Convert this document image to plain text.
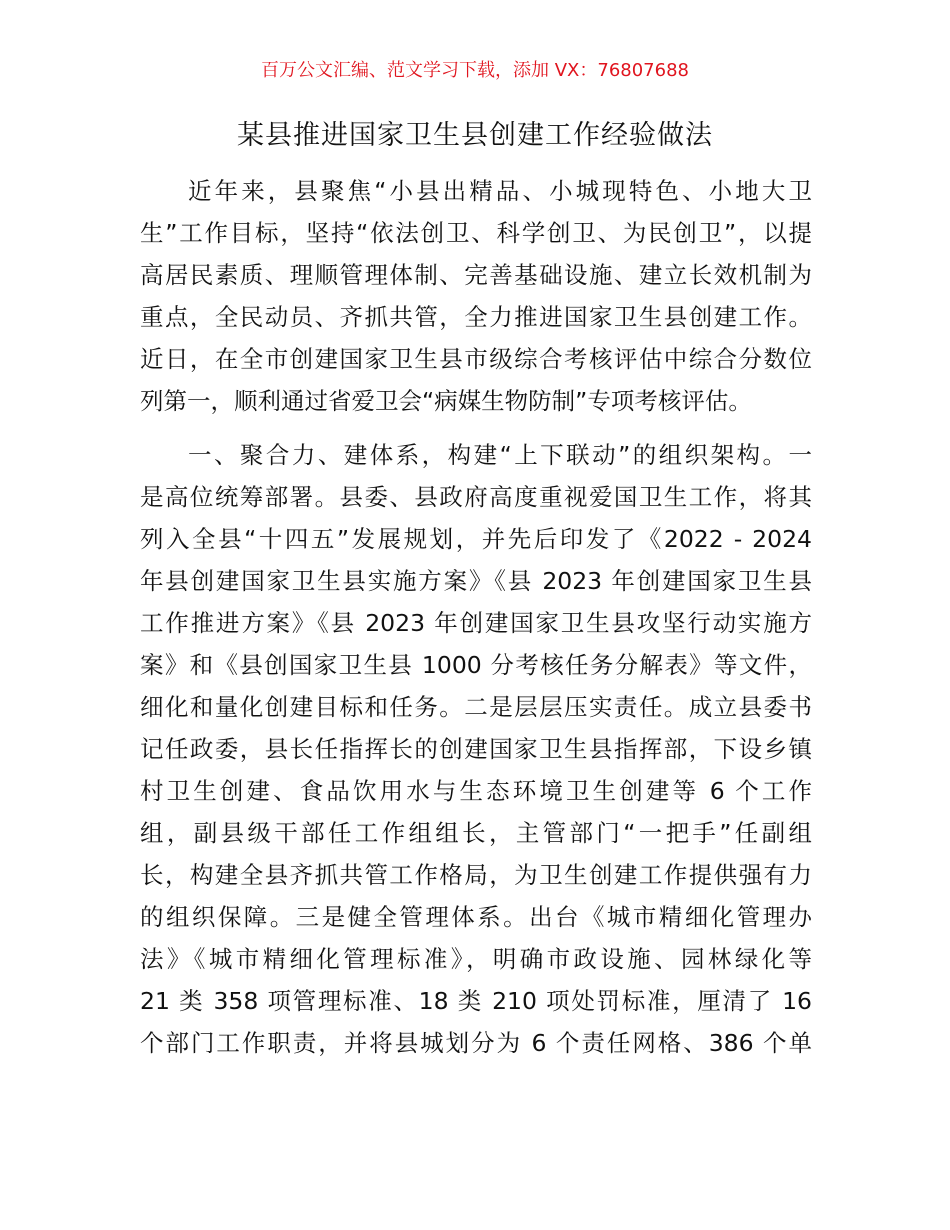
百万公文汇编、范文学习下载，添加 VX：76807688
某县推进国家卫生县创建工作经验做法
近年来，县聚焦“小县出精品、小城现特色、小地大卫
生”工作目标，坚持“依法创卫、科学创卫、为民创卫”，以提
高居民素质、理顺管理体制、完善基础设施、建立长效机制为
重点，全民动员、齐抓共管，全力推进国家卫生县创建工作。
近日，在全市创建国家卫生县市级综合考核评估中综合分数位
列第一，顺利通过省爱卫会“病媒生物防制”专项考核评估。
一、聚合力、建体系，构建“上下联动”的组织架构。一
是高位统筹部署。县委、县政府高度重视爱国卫生工作，将其
列入全县“十四五”发展规划，并先后印发了《2022 - 2024
年县创建国家卫生县实施方案》《县 2023 年创建国家卫生县
工作推进方案》《县 2023 年创建国家卫生县攻坚行动实施方
案》和《县创国家卫生县 1000 分考核任务分解表》等文件，
细化和量化创建目标和任务。二是层层压实责任。成立县委书
记任政委，县长任指挥长的创建国家卫生县指挥部，下设乡镇
村卫生创建、食品饮用水与生态环境卫生创建等 6 个工作
组，副县级干部任工作组组长，主管部门“一把手”任副组
长，构建全县齐抓共管工作格局，为卫生创建工作提供强有力
的组织保障。三是健全管理体系。出台《城市精细化管理办
法》《城市精细化管理标准》，明确市政设施、园林绿化等
21 类 358 项管理标准、18 类 210 项处罚标准，厘清了 16
个部门工作职责，并将县城划分为 6 个责任网格、386 个单
